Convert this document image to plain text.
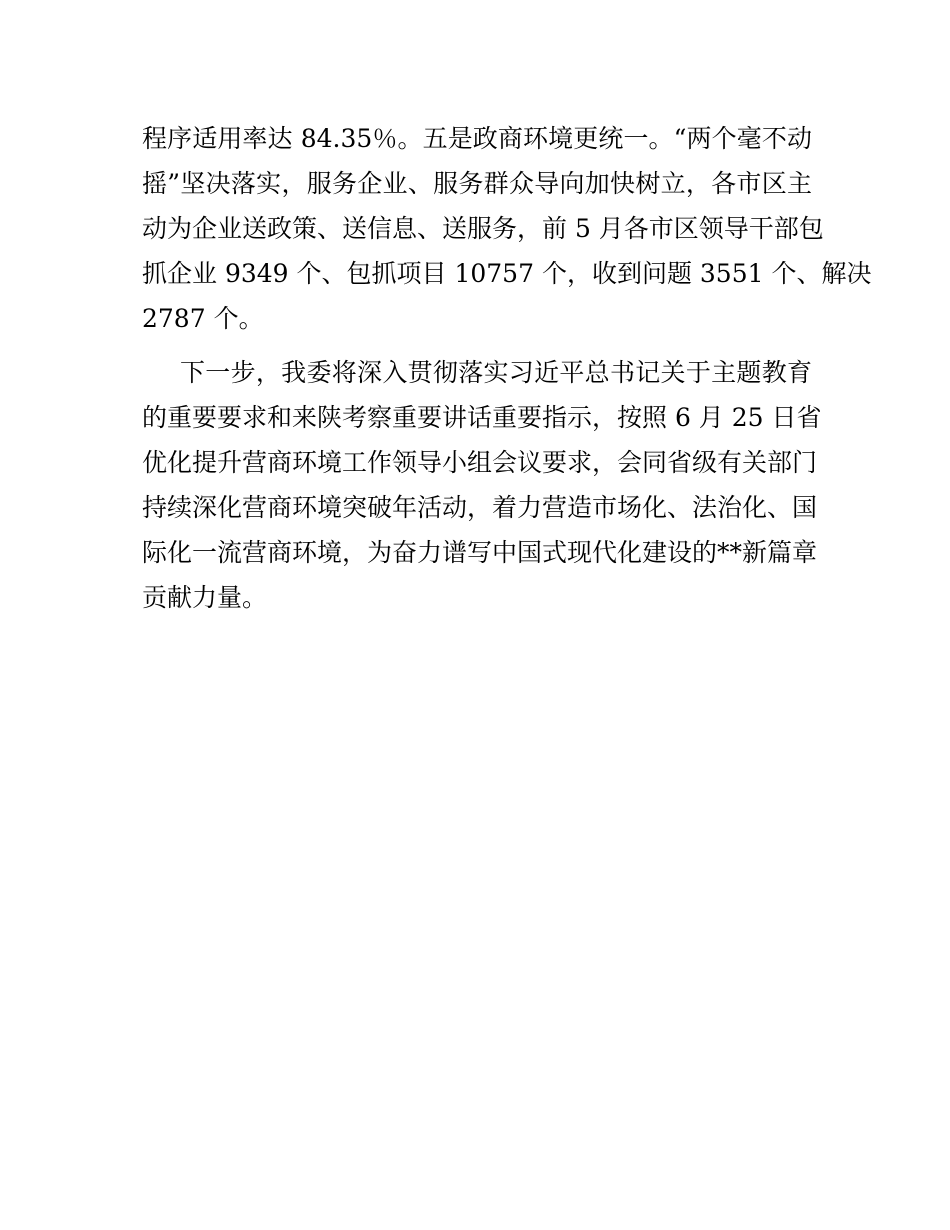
程序适用率达 84.35％。五是政商环境更统一。“两个毫不动
摇”坚决落实，服务企业、服务群众导向加快树立，各市区主
动为企业送政策、送信息、送服务，前 5 月各市区领导干部包
抓企业 9349 个、包抓项目 10757 个，收到问题 3551 个、解决
2787 个。
下一步，我委将深入贯彻落实习近平总书记关于主题教育
的重要要求和来陕考察重要讲话重要指示，按照 6 月 25 日省
优化提升营商环境工作领导小组会议要求，会同省级有关部门
持续深化营商环境突破年活动，着力营造市场化、法治化、国
际化一流营商环境，为奋力谱写中国式现代化建设的**新篇章
贡献力量。
